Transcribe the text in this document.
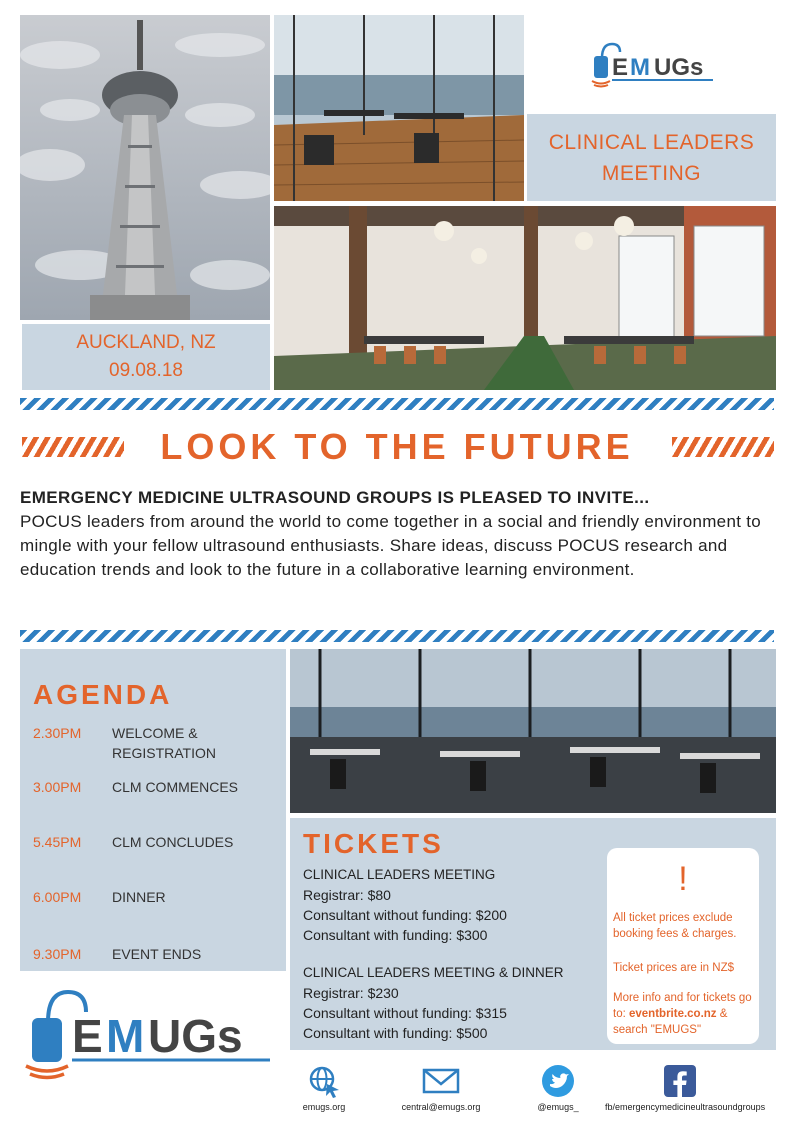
E M UGs
CLINICAL LEADERS
MEETING
AUCKLAND, NZ
09.08.18
LOOK TO THE FUTURE
EMERGENCY MEDICINE ULTRASOUND GROUPS IS PLEASED TO INVITE...
POCUS leaders from around the world to come together in a social and friendly environment to mingle with your fellow ultrasound enthusiasts. Share ideas, discuss POCUS research and education trends and look to the future in a collaborative learning environment.
AGENDA
2.30PM WELCOME & REGISTRATION
3.00PM CLM COMMENCES
5.45PM CLM CONCLUDES
6.00PM DINNER
9.30PM EVENT ENDS
TICKETS
CLINICAL LEADERS MEETING
Registrar: $80
Consultant without funding: $200
Consultant with funding: $300
CLINICAL LEADERS MEETING & DINNER
Registrar: $230
Consultant without funding: $315
Consultant with funding: $500
!
All ticket prices exclude booking fees & charges.
Ticket prices are in NZ$
More info and for tickets go to: eventbrite.co.nz & search "EMUGS"
E M UGs
emugs.org	central@emugs.org	@emugs_	fb/emergencymedicineultrasoundgroups
